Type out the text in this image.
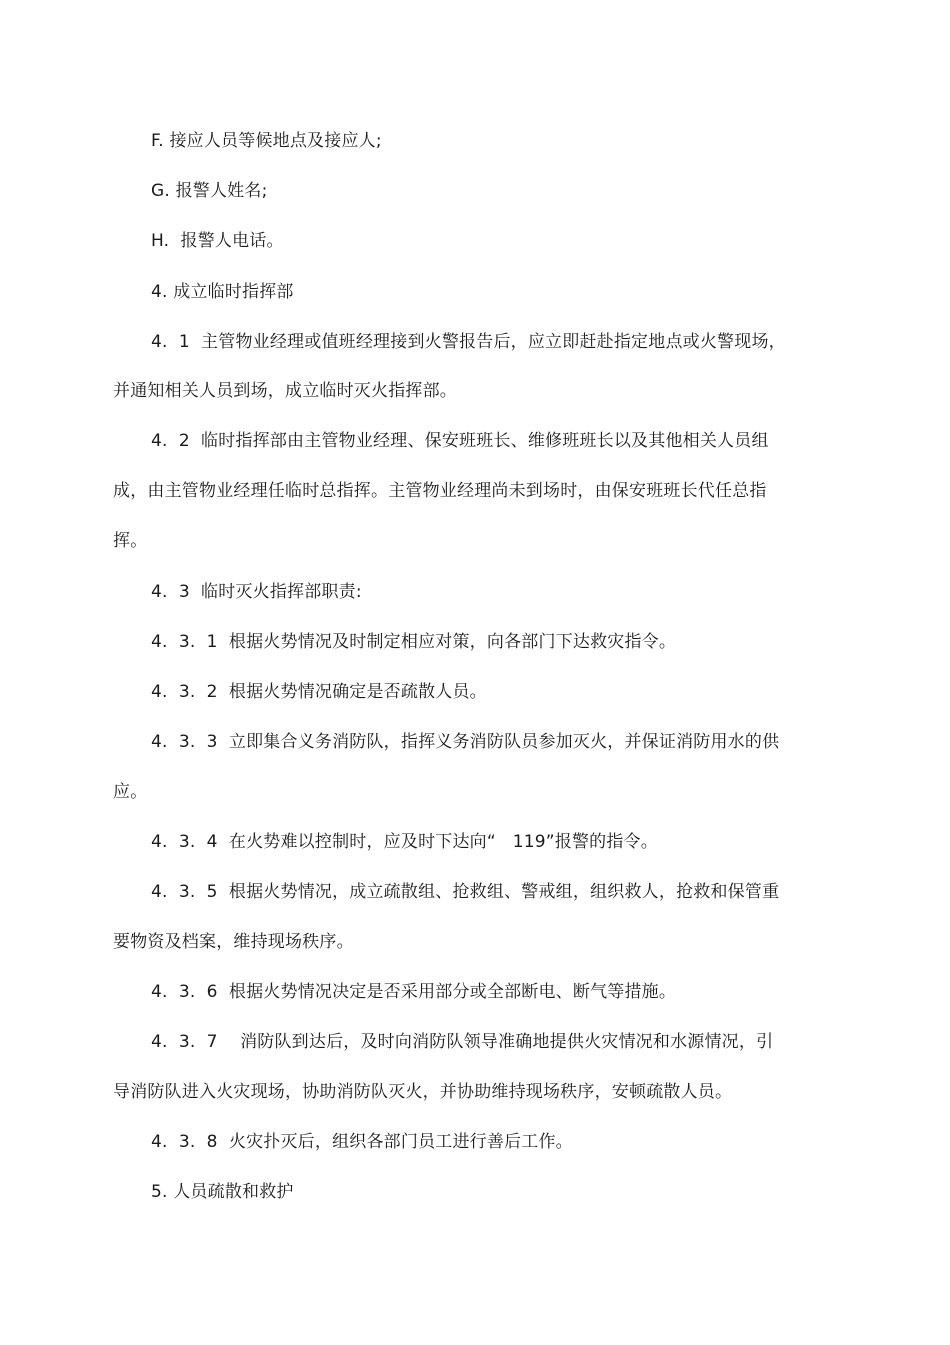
F. 接应人员等候地点及接应人;
G. 报警人姓名;
H.  报警人电话。
4. 成立临时指挥部
4.  1  主管物业经理或值班经理接到火警报告后，应立即赶赴指定地点或火警现场，
并通知相关人员到场，成立临时灭火指挥部。
4.  2  临时指挥部由主管物业经理、保安班班长、维修班班长以及其他相关人员组
成，由主管物业经理任临时总指挥。主管物业经理尚未到场时，由保安班班长代任总指
挥。
4.  3  临时灭火指挥部职责:
4.  3.  1  根据火势情况及时制定相应对策，向各部门下达救灾指令。
4.  3.  2  根据火势情况确定是否疏散人员。
4.  3.  3  立即集合义务消防队，指挥义务消防队员参加灭火，并保证消防用水的供
应。
4.  3.  4  在火势难以控制时，应及时下达向“   119”报警的指令。
4.  3.  5  根据火势情况，成立疏散组、抢救组、警戒组，组织救人，抢救和保管重
要物资及档案，维持现场秩序。
4.  3.  6  根据火势情况决定是否采用部分或全部断电、断气等措施。
4.  3.  7    消防队到达后，及时向消防队领导准确地提供火灾情况和水源情况，引
导消防队进入火灾现场，协助消防队灭火，并协助维持现场秩序，安顿疏散人员。
4.  3.  8  火灾扑灭后，组织各部门员工进行善后工作。
5. 人员疏散和救护
